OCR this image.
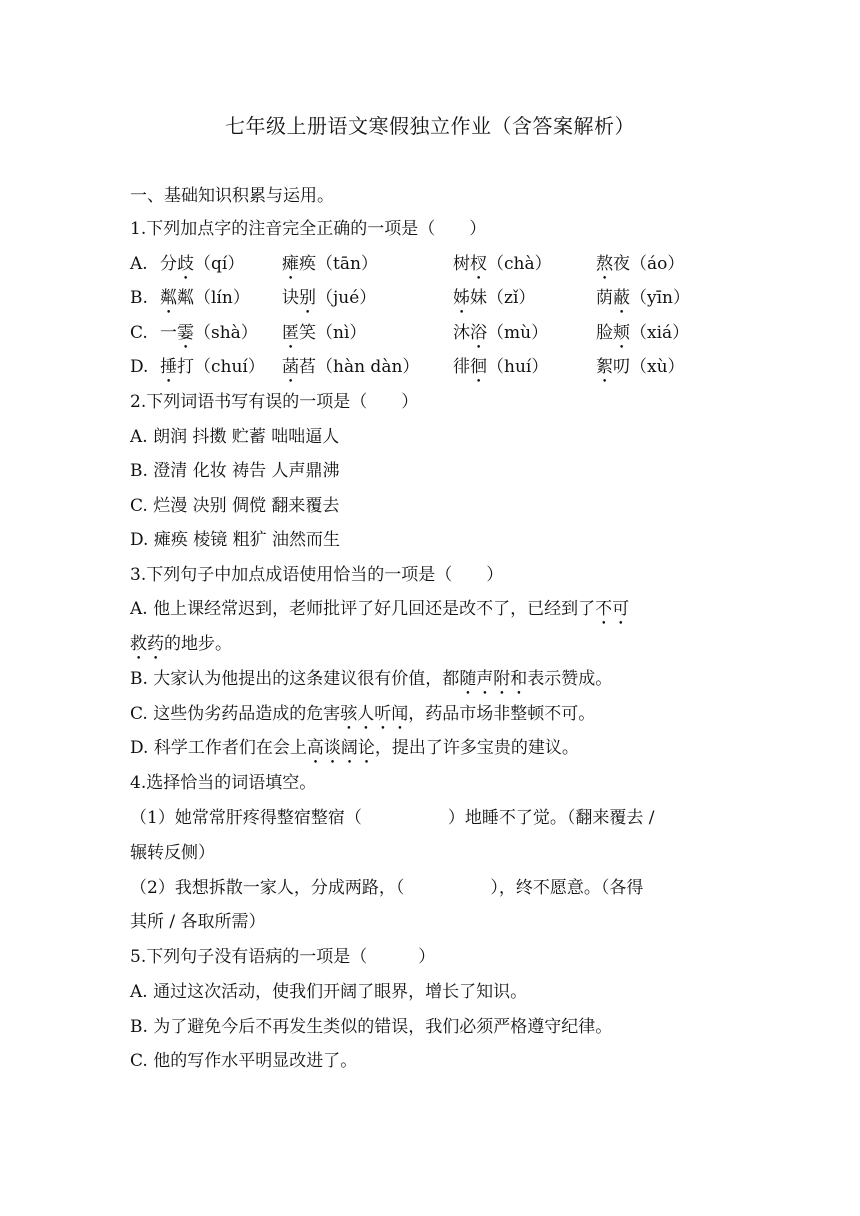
七年级上册语文寒假独立作业（含答案解析）
一、基础知识积累与运用。
1.下列加点字的注音完全正确的一项是（　　）
A. 分歧（qí） 瘫痪（tān）	树杈（chà）	熬夜（áo）
B. 粼粼（lín） 诀别（jué）	姊妹（zǐ）	荫蔽（yīn）
C. 一霎（shà） 匿笑（nì）	沐浴（mù）	脸颊（xiá）
D. 捶打（chuí） 菡萏（hàn dàn） 徘徊（huí）	絮叨（xù）
2.下列词语书写有误的一项是（　　）
A. 朗润 抖擞 贮蓄 咄咄逼人
B. 澄清 化妆 祷告 人声鼎沸
C. 烂漫 决别 倜傥 翻来覆去
D. 瘫痪 棱镜 粗犷 油然而生
3.下列句子中加点成语使用恰当的一项是（　　）
A. 他上课经常迟到，老师批评了好几回还是改不了，已经到了不可
救药的地步。
B. 大家认为他提出的这条建议很有价值，都随声附和表示赞成。
C. 这些伪劣药品造成的危害骇人听闻，药品市场非整顿不可。
D. 科学工作者们在会上高谈阔论，提出了许多宝贵的建议。
4.选择恰当的词语填空。
（1）她常常肝疼得整宿整宿（	）地睡不了觉。（翻来覆去 /
辗转反侧）
（2）我想拆散一家人，分成两路，（	），终不愿意。（各得
其所 / 各取所需）
5.下列句子没有语病的一项是（　　　）
A. 通过这次活动，使我们开阔了眼界，增长了知识。
B. 为了避免今后不再发生类似的错误，我们必须严格遵守纪律。
C. 他的写作水平明显改进了。
